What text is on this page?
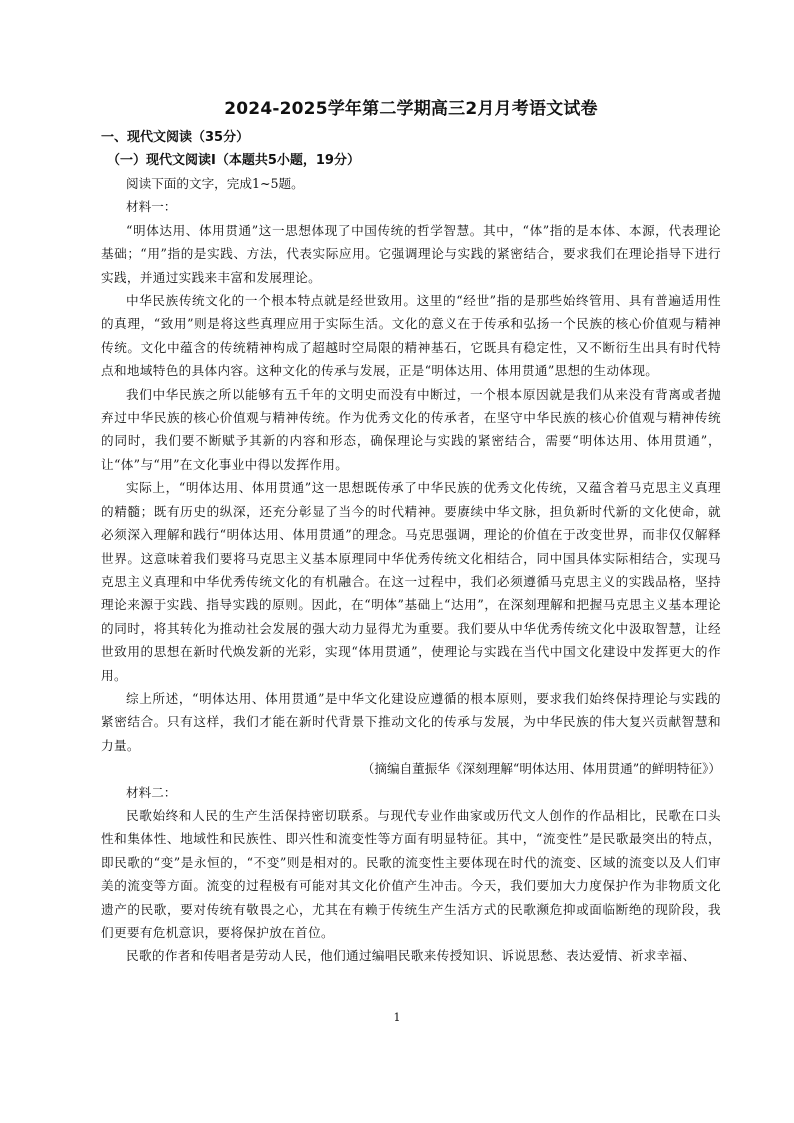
2024-2025学年第二学期高三2月月考语文试卷
一、现代文阅读（35分）
（一）现代文阅读Ⅰ（本题共5小题，19分）

阅读下面的文字，完成1~5题。

材料一：

“明体达用、体用贯通”这一思想体现了中国传统的哲学智慧。其中，“体”指的是本体、本源，代表理论基础；“用”指的是实践、方法，代表实际应用。它强调理论与实践的紧密结合，要求我们在理论指导下进行实践，并通过实践来丰富和发展理论。

中华民族传统文化的一个根本特点就是经世致用。这里的“经世”指的是那些始终管用、具有普遍适用性的真理，“致用”则是将这些真理应用于实际生活。文化的意义在于传承和弘扬一个民族的核心价值观与精神传统。文化中蕴含的传统精神构成了超越时空局限的精神基石，它既具有稳定性，又不断衍生出具有时代特点和地域特色的具体内容。这种文化的传承与发展，正是“明体达用、体用贯通”思想的生动体现。

我们中华民族之所以能够有五千年的文明史而没有中断过，一个根本原因就是我们从来没有背离或者抛弃过中华民族的核心价值观与精神传统。作为优秀文化的传承者，在坚守中华民族的核心价值观与精神传统的同时，我们要不断赋予其新的内容和形态，确保理论与实践的紧密结合，需要“明体达用、体用贯通”，让“体”与“用”在文化事业中得以发挥作用。

实际上，“明体达用、体用贯通”这一思想既传承了中华民族的优秀文化传统，又蕴含着马克思主义真理的精髓；既有历史的纵深，还充分彰显了当今的时代精神。要赓续中华文脉，担负新时代新的文化使命，就必须深入理解和践行“明体达用、体用贯通”的理念。马克思强调，理论的价值在于改变世界，而非仅仅解释世界。这意味着我们要将马克思主义基本原理同中华优秀传统文化相结合，同中国具体实际相结合，实现马克思主义真理和中华优秀传统文化的有机融合。在这一过程中，我们必须遵循马克思主义的实践品格，坚持理论来源于实践、指导实践的原则。因此，在“明体”基础上“达用”，在深刻理解和把握马克思主义基本理论的同时，将其转化为推动社会发展的强大动力显得尤为重要。我们要从中华优秀传统文化中汲取智慧，让经世致用的思想在新时代焕发新的光彩，实现“体用贯通”，使理论与实践在当代中国文化建设中发挥更大的作用。

综上所述，“明体达用、体用贯通”是中华文化建设应遵循的根本原则，要求我们始终保持理论与实践的紧密结合。只有这样，我们才能在新时代背景下推动文化的传承与发展，为中华民族的伟大复兴贡献智慧和力量。

（摘编自董振华《深刻理解“明体达用、体用贯通”的鲜明特征》）

材料二：

民歌始终和人民的生产生活保持密切联系。与现代专业作曲家或历代文人创作的作品相比，民歌在口头性和集体性、地域性和民族性、即兴性和流变性等方面有明显特征。其中，“流变性”是民歌最突出的特点，即民歌的“变”是永恒的，“不变”则是相对的。民歌的流变性主要体现在时代的流变、区域的流变以及人们审美的流变等方面。流变的过程极有可能对其文化价值产生冲击。今天，我们要加大力度保护作为非物质文化遗产的民歌，要对传统有敬畏之心，尤其在有赖于传统生产生活方式的民歌濒危抑或面临断绝的现阶段，我们更要有危机意识，要将保护放在首位。

民歌的作者和传唱者是劳动人民，他们通过编唱民歌来传授知识、诉说思愁、表达爱情、祈求幸福、

1
